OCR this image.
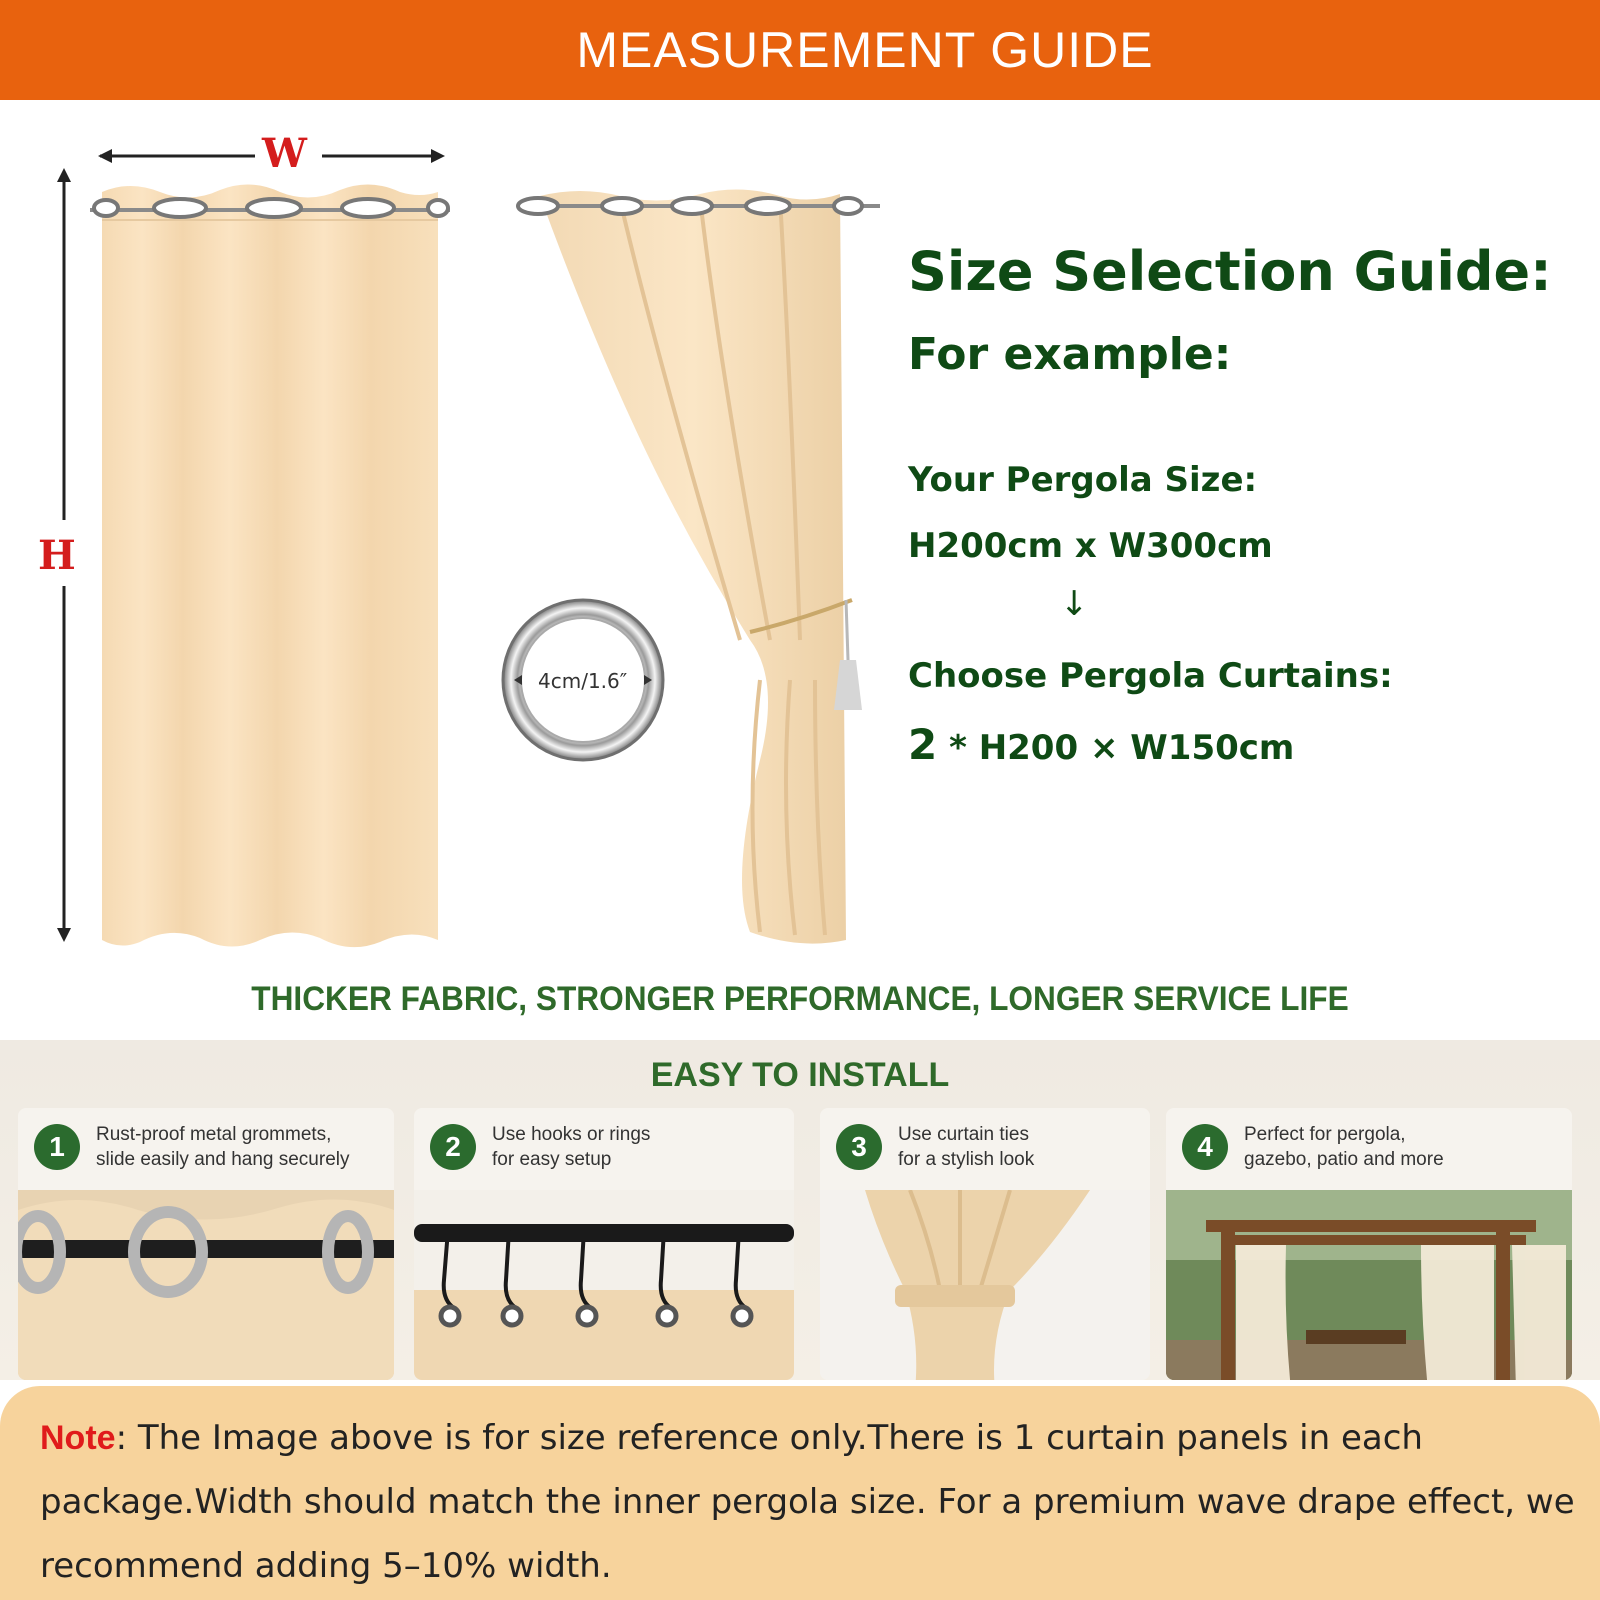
MEASUREMENT GUIDE
4cm/1.6″
W
H
Size Selection Guide:
For example:
Your Pergola Size:
H200cm x W300cm
↓
Choose Pergola Curtains:
2 * H200 × W150cm
THICKER FABRIC, STRONGER PERFORMANCE, LONGER SERVICE LIFE
EASY TO INSTALL
1	Rust-proof metal grommets,
slide easily and hang securely	2	Use hooks or rings
for easy setup	3	Use curtain ties
for a stylish look	4	Perfect for pergola,
gazebo, patio and more
Note: The Image above is for size reference only.There is 1 curtain panels in each package.Width should match the inner pergola size. For a premium wave drape effect, we recommend adding 5–10% width.
